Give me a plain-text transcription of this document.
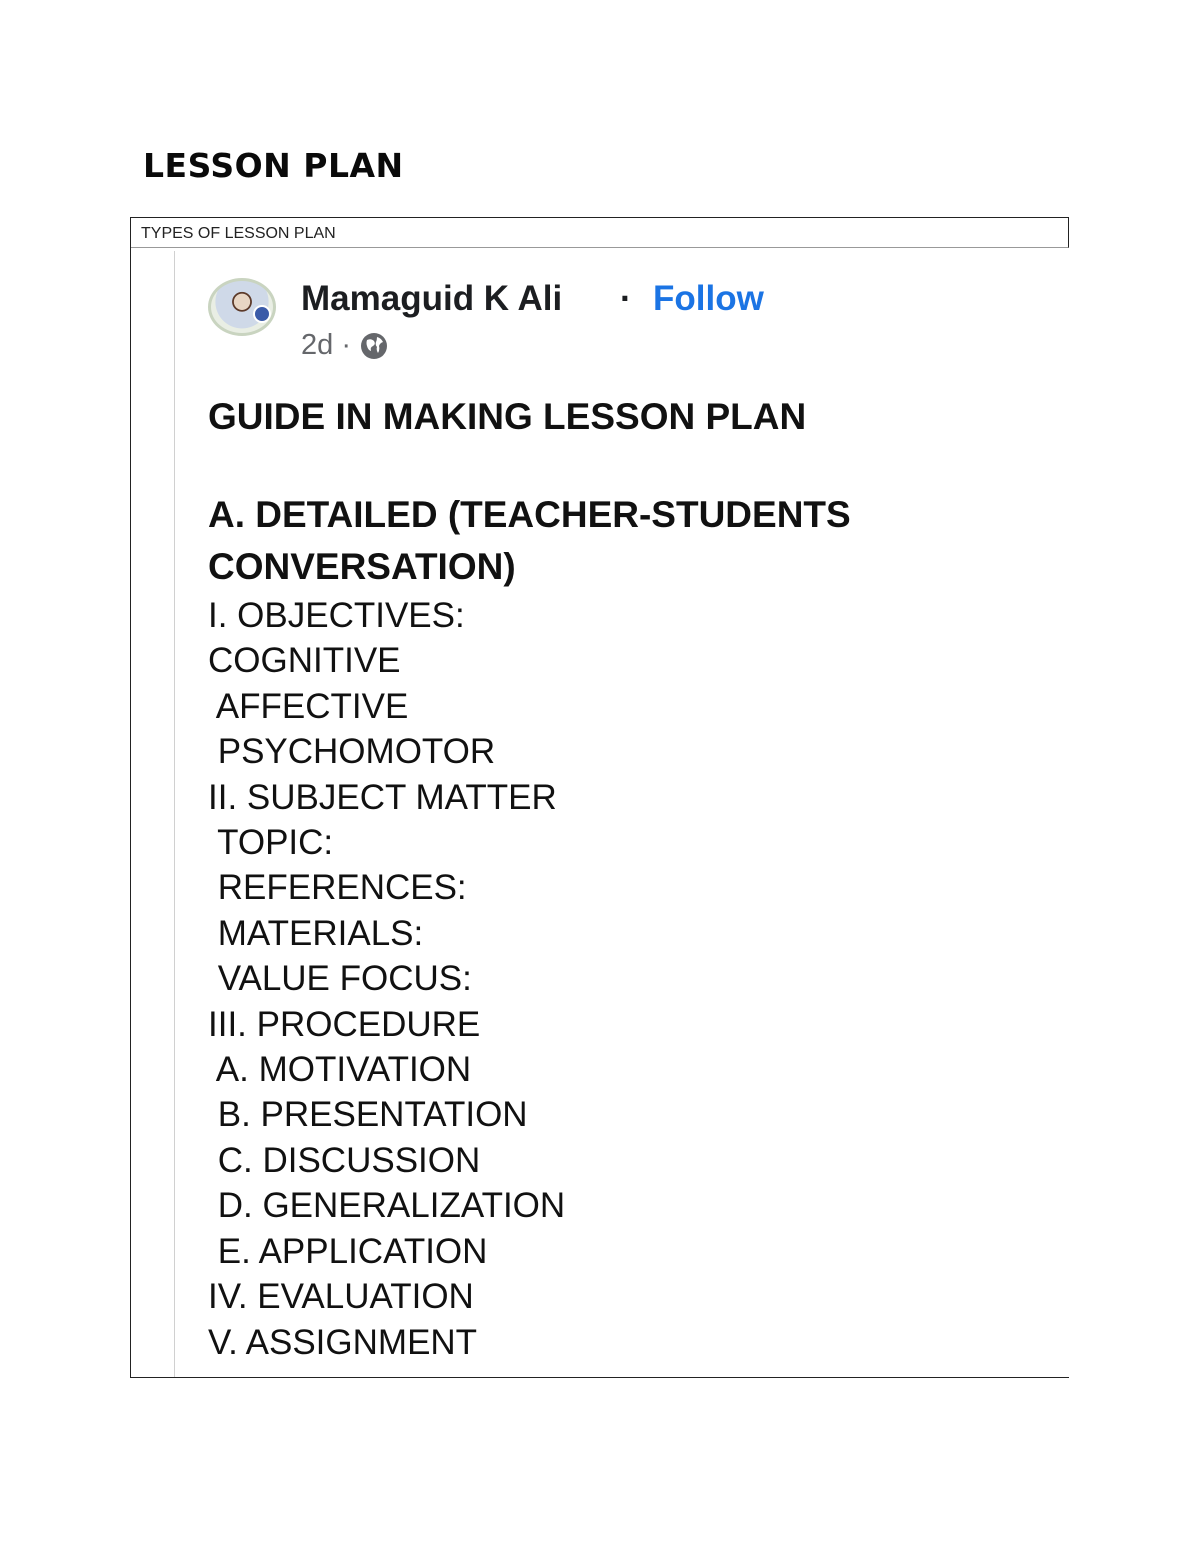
LESSON PLAN
TYPES OF LESSON PLAN
Mamaguid K Ali · Follow
2d ·

GUIDE IN MAKING LESSON PLAN

A. DETAILED (TEACHER-STUDENTS

CONVERSATION)

I. OBJECTIVES:

COGNITIVE

AFFECTIVE

PSYCHOMOTOR

II. SUBJECT MATTER

TOPIC:

REFERENCES:

MATERIALS:

VALUE FOCUS:

III. PROCEDURE

A. MOTIVATION

B. PRESENTATION

C. DISCUSSION

D. GENERALIZATION

E. APPLICATION

IV. EVALUATION

V. ASSIGNMENT
